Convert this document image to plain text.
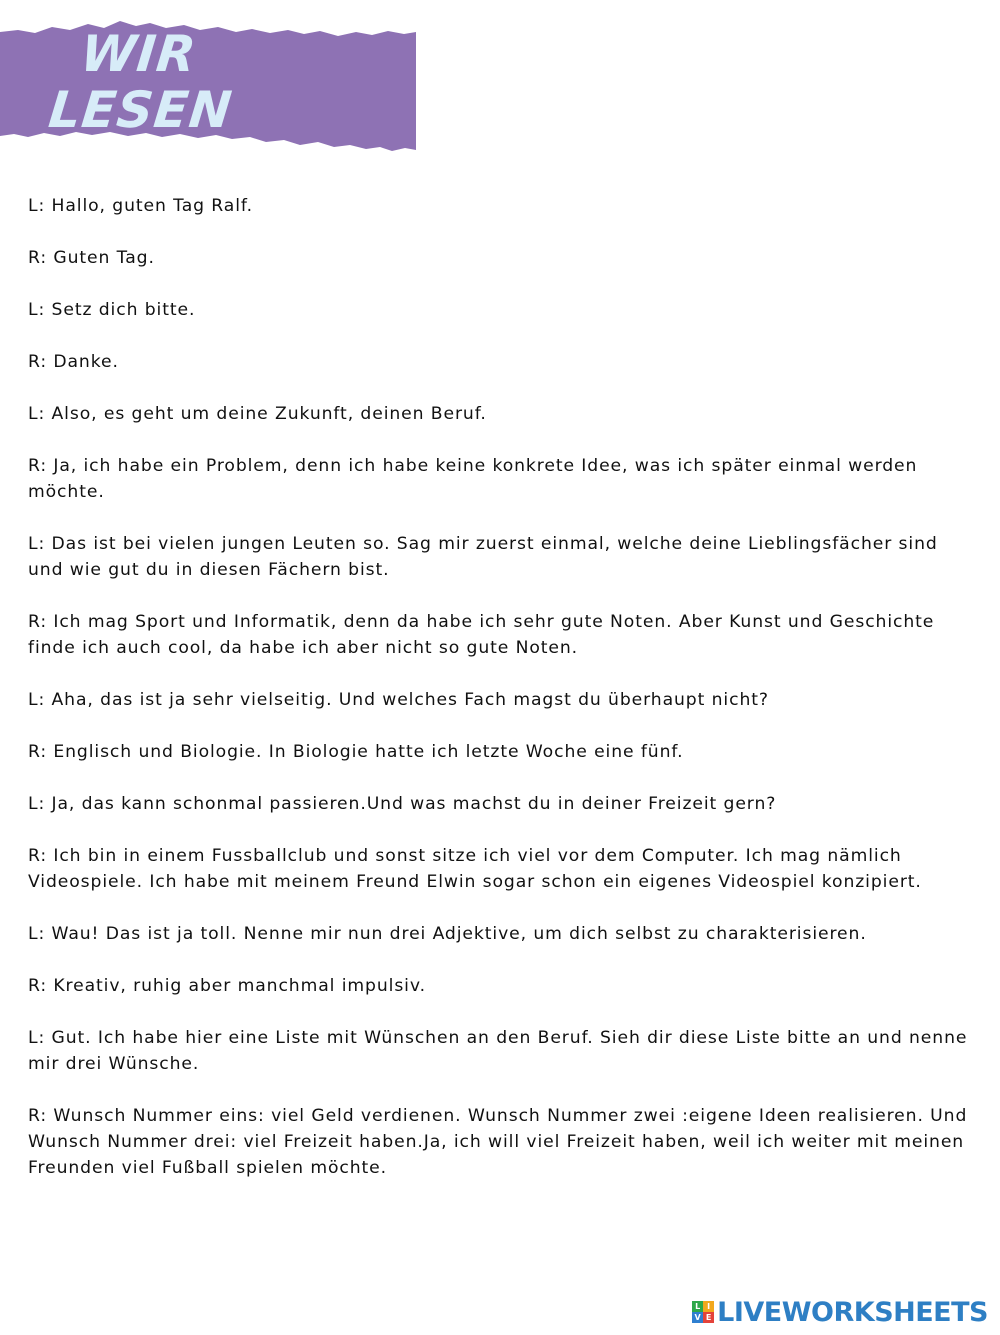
WIR
LESEN
L: Hallo, guten Tag Ralf.
R: Guten Tag.
L: Setz dich bitte.
R: Danke.
L: Also, es geht um deine Zukunft, deinen Beruf.
R: Ja, ich habe ein Problem, denn ich habe keine konkrete Idee, was ich später einmal werden möchte.
L: Das ist bei vielen jungen Leuten so. Sag mir zuerst einmal, welche deine Lieblingsfächer sind und wie gut du in diesen Fächern bist.
R: Ich mag Sport und Informatik, denn da habe ich sehr gute Noten. Aber Kunst und Geschichte finde ich auch cool, da habe ich aber nicht so gute Noten.
L: Aha, das ist ja sehr vielseitig. Und welches Fach magst du überhaupt nicht?
R: Englisch und Biologie. In Biologie hatte ich letzte Woche eine fünf.
L: Ja, das kann schonmal passieren.Und was machst du in deiner Freizeit gern?
R: Ich bin in einem Fussballclub und sonst sitze ich viel vor dem Computer. Ich mag nämlich Videospiele. Ich habe mit meinem Freund Elwin sogar schon ein eigenes Videospiel konzipiert.
L: Wau! Das ist ja toll. Nenne mir nun drei Adjektive, um dich selbst zu charakterisieren.
R: Kreativ, ruhig aber manchmal impulsiv.
L: Gut. Ich habe hier eine Liste mit Wünschen an den Beruf. Sieh dir diese Liste bitte an und nenne mir drei Wünsche.
R: Wunsch Nummer eins: viel Geld verdienen. Wunsch Nummer zwei :eigene Ideen realisieren. Und Wunsch Nummer drei: viel Freizeit haben.Ja, ich will viel Freizeit haben, weil ich weiter mit meinen Freunden viel Fußball spielen möchte.
L I
V E LIVEWORKSHEETS
